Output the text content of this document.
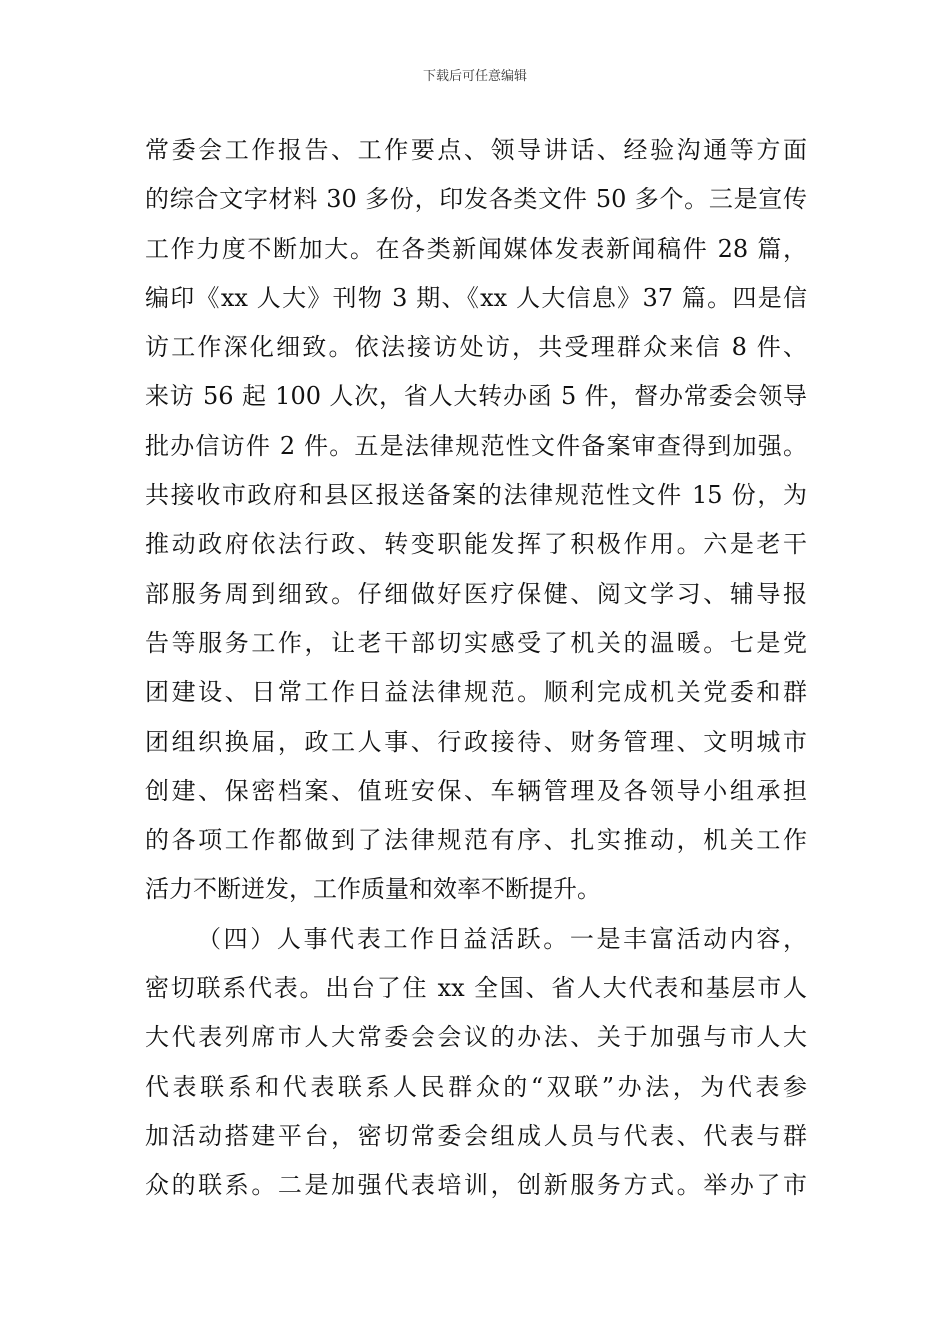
下载后可任意编辑
常委会工作报告、工作要点、领导讲话、经验沟通等方面
的综合文字材料 30 多份，印发各类文件 50 多个。三是宣传
工作力度不断加大。在各类新闻媒体发表新闻稿件 28 篇，
编印《xx 人大》刊物 3 期、《xx 人大信息》37 篇。四是信
访工作深化细致。依法接访处访，共受理群众来信 8 件、
来访 56 起 100 人次，省人大转办函 5 件，督办常委会领导
批办信访件 2 件。五是法律规范性文件备案审查得到加强。
共接收市政府和县区报送备案的法律规范性文件 15 份，为
推动政府依法行政、转变职能发挥了积极作用。六是老干
部服务周到细致。仔细做好医疗保健、阅文学习、辅导报
告等服务工作，让老干部切实感受了机关的温暖。七是党
团建设、日常工作日益法律规范。顺利完成机关党委和群
团组织换届，政工人事、行政接待、财务管理、文明城市
创建、保密档案、值班安保、车辆管理及各领导小组承担
的各项工作都做到了法律规范有序、扎实推动，机关工作
活力不断迸发，工作质量和效率不断提升。
（四）人事代表工作日益活跃。一是丰富活动内容，
密切联系代表。出台了住 xx 全国、省人大代表和基层市人
大代表列席市人大常委会会议的办法、关于加强与市人大
代表联系和代表联系人民群众的“双联”办法，为代表参
加活动搭建平台，密切常委会组成人员与代表、代表与群
众的联系。二是加强代表培训，创新服务方式。举办了市
